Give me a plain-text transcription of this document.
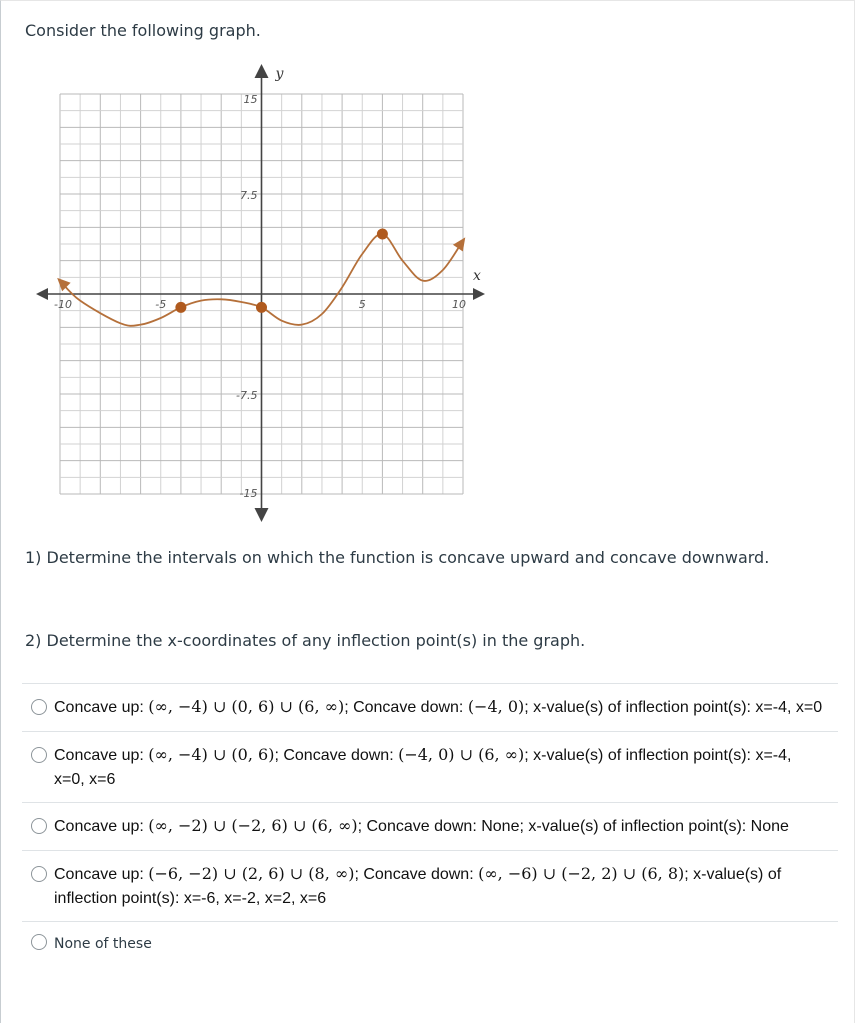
Consider the following graph.
x
y
-10	-5	5	10
15
7.5
-7.5
-15
1) Determine the intervals on which the function is concave upward and concave downward.
2) Determine the x-coordinates of any inflection point(s) in the graph.
Concave up: (∞, −4) ∪ (0, 6) ∪ (6, ∞); Concave down: (−4, 0); x-value(s) of inflection point(s): x=-4, x=0
Concave up: (∞, −4) ∪ (0, 6); Concave down: (−4, 0) ∪ (6, ∞); x-value(s) of inflection point(s): x=-4, x=0, x=6
Concave up: (∞, −2) ∪ (−2, 6) ∪ (6, ∞); Concave down: None; x-value(s) of inflection point(s): None
Concave up: (−6, −2) ∪ (2, 6) ∪ (8, ∞); Concave down: (∞, −6) ∪ (−2, 2) ∪ (6, 8); x-value(s) of inflection point(s): x=-6, x=-2, x=2, x=6
None of these
